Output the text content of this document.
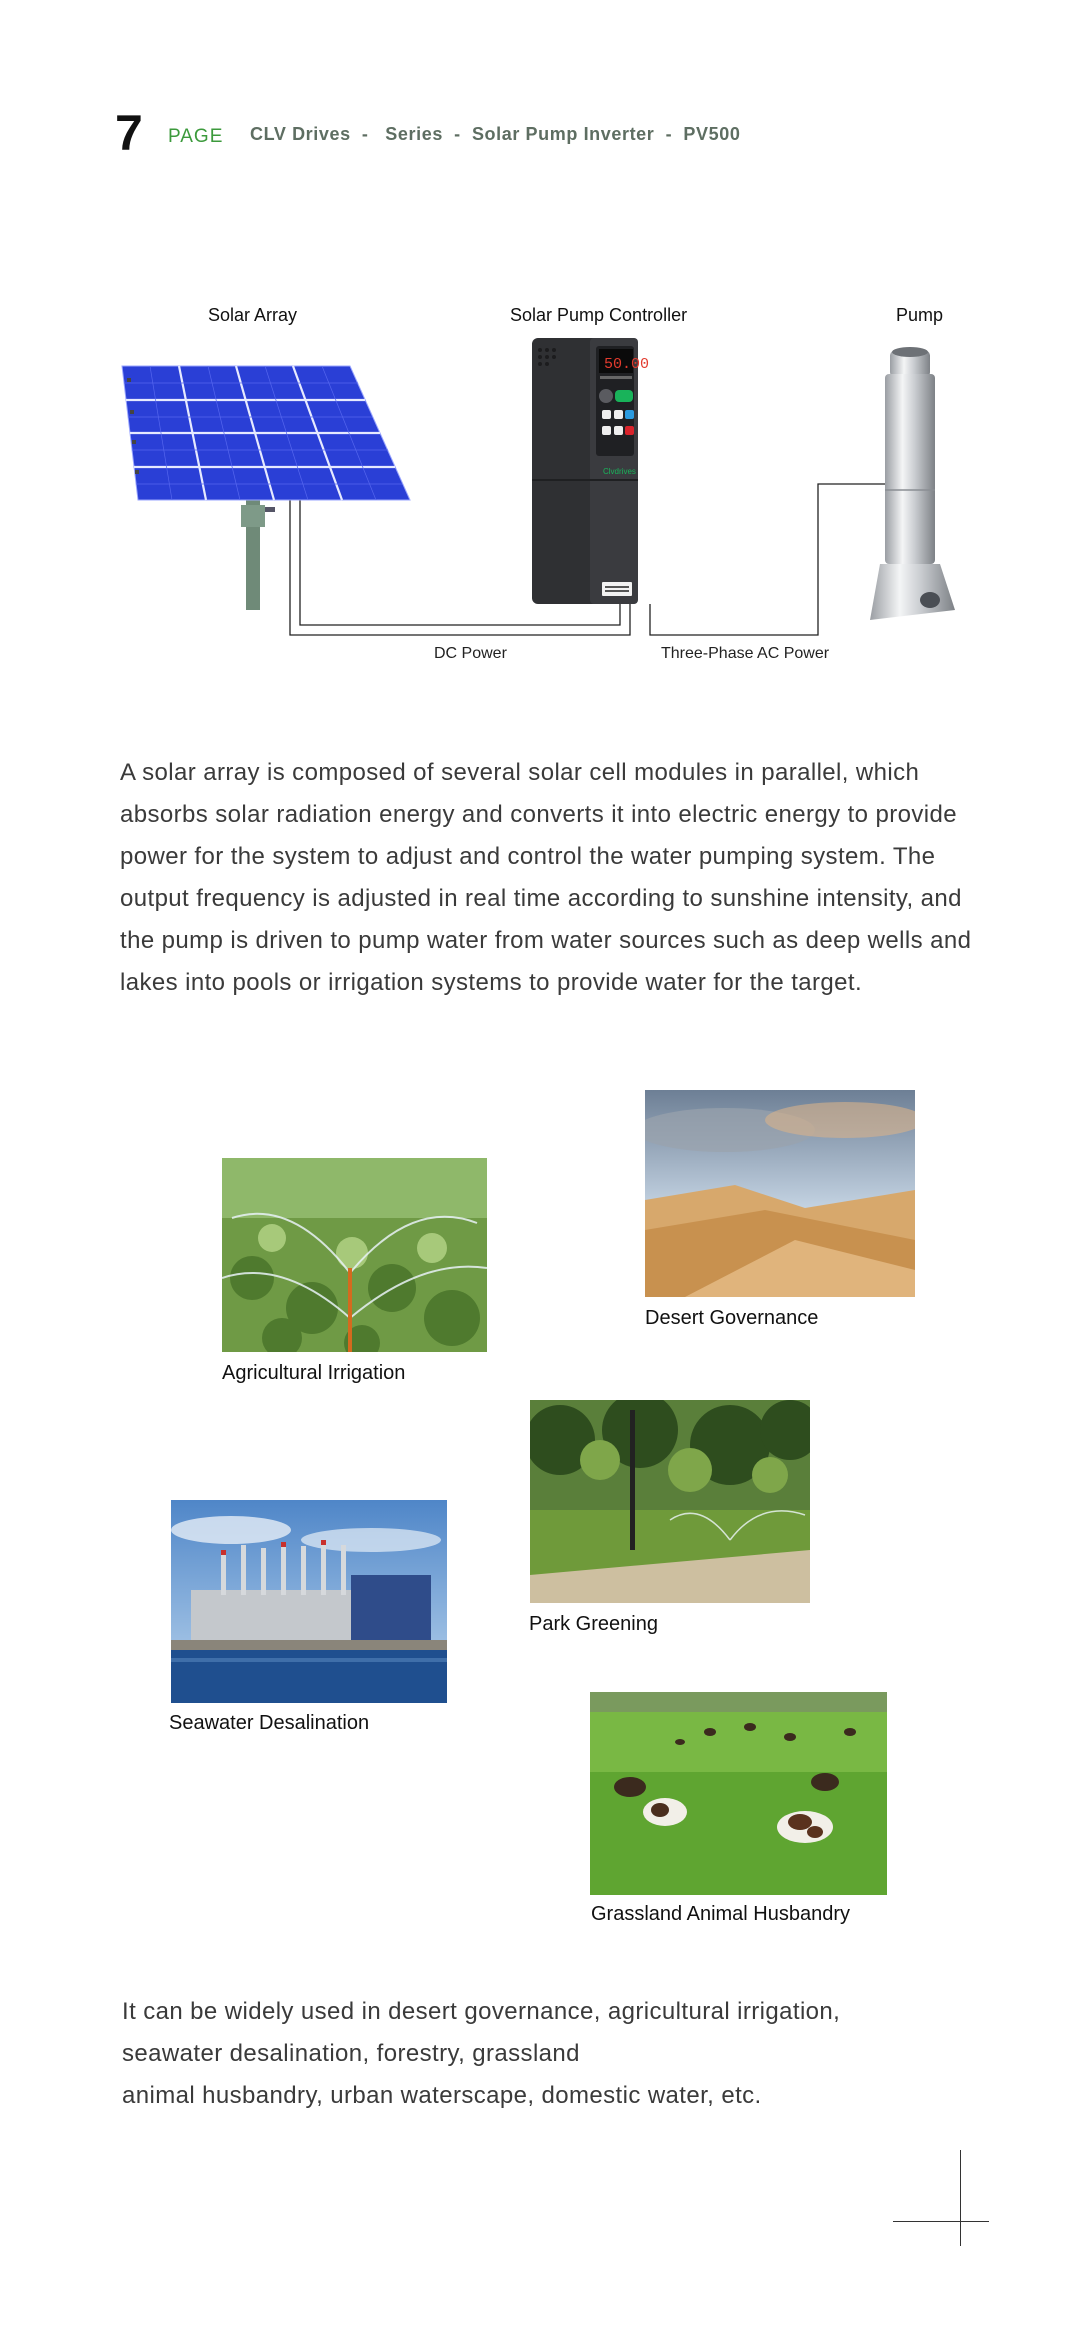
7 PAGE CLV Drives  -   Series  -  Solar Pump Inverter  -  PV500
Solar Array	Solar Pump Controller	Pump
50.00
Clvdrives
DC Power	Three-Phase AC Power
A solar array is composed of several solar cell modules in parallel, which absorbs solar radiation energy and converts it into electric energy to provide power for the system to adjust and control the water pumping system. The output frequency is adjusted in real time according to sunshine intensity, and the pump is driven to pump water from water sources such as deep wells and lakes into pools or irrigation systems to provide water for the target.
Agricultural Irrigation
Desert Governance
Park Greening
Seawater Desalination
Grassland Animal Husbandry
It can be widely used in desert governance, agricultural irrigation,
seawater desalination, forestry, grassland
animal husbandry, urban waterscape, domestic water, etc.
